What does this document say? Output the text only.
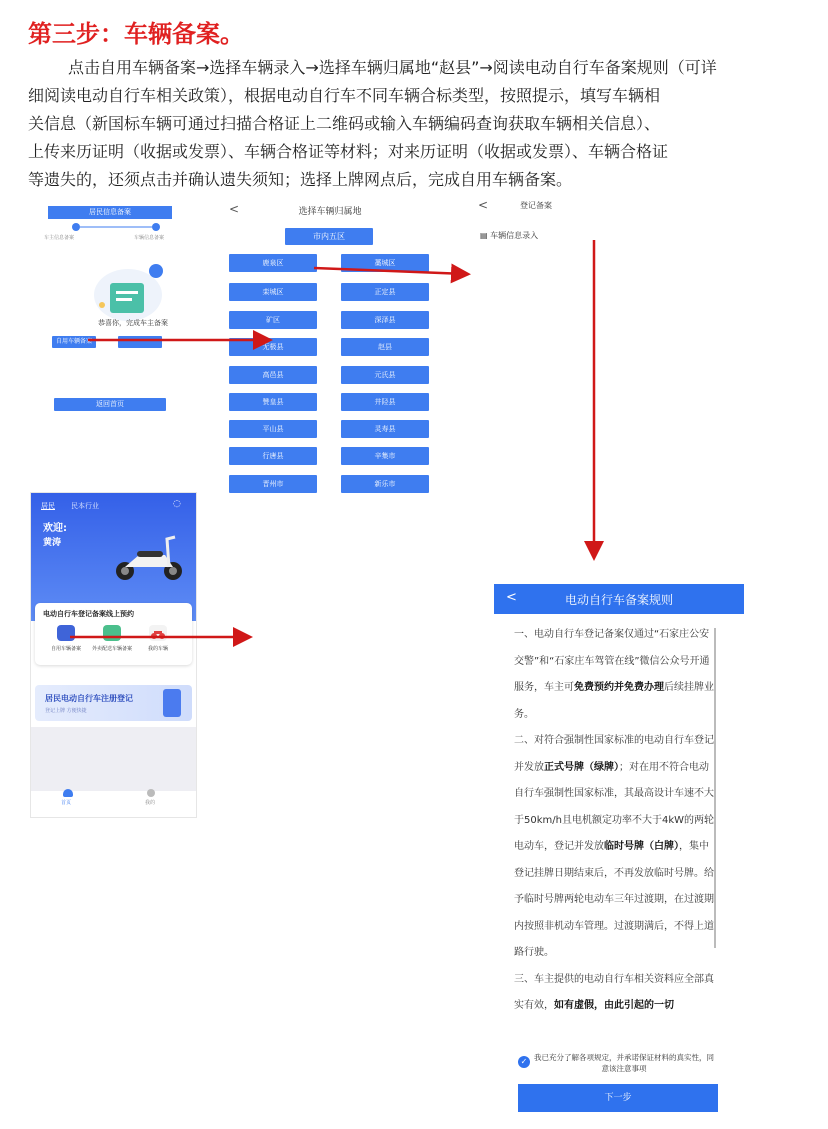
第三步：车辆备案。

点击自用车辆备案→选择车辆录入→选择车辆归属地“赵县”→阅读电动自行车备案规则（可详

细阅读电动自行车相关政策），根据电动自行车不同车辆合标类型，按照提示，填写车辆相

关信息（新国标车辆可通过扫描合格证上二维码或输入车辆编码查询获取车辆相关信息）、

上传来历证明（收据或发票）、车辆合格证等材料；对来历证明（收据或发票）、车辆合格证

等遗失的，还须点击并确认遗失须知；选择上牌网点后，完成自用车辆备案。

居民信息备案
车主信息备案	车辆信息备案
恭喜你，完成车主备案
自用车辆备案
返回首页
<	选择车辆归属地
市内五区
鹿泉区	藁城区
栾城区	正定县
矿区	深泽县
无极县	赵县
高邑县	元氏县
赞皇县	井陉县
平山县	灵寿县
行唐县	辛集市
晋州市	新乐市
<	登记备案
▤ 车辆信息录入
居民 民本行业	◌
欢迎:
黄涛
电动自行车登记备案线上预约
自用车辆备案	外卖配送车辆备案	我的车辆
居民电动自行车注册登记
登记上牌 方便快捷
首页	我的
电动自行车备案规则
<

一、电动自行车登记备案仅通过“石家庄公安交警”和“石家庄车驾管在线”微信公众号开通服务，车主可免费预约并免费办理后续挂牌业务。

二、对符合强制性国家标准的电动自行车登记并发放正式号牌（绿牌）；对在用不符合电动自行车强制性国家标准，其最高设计车速不大于50km/h且电机额定功率不大于4kW的两轮电动车，登记并发放临时号牌（白牌），集中登记挂牌日期结束后，不再发放临时号牌。给予临时号牌两轮电动车三年过渡期，在过渡期内按照非机动车管理。过渡期满后，不得上道路行驶。

三、车主提供的电动自行车相关资料应全部真实有效，如有虚假，由此引起的一切

✓ 我已充分了解各项规定，并承诺保证材料的真实性，同意该注意事项
下一步
